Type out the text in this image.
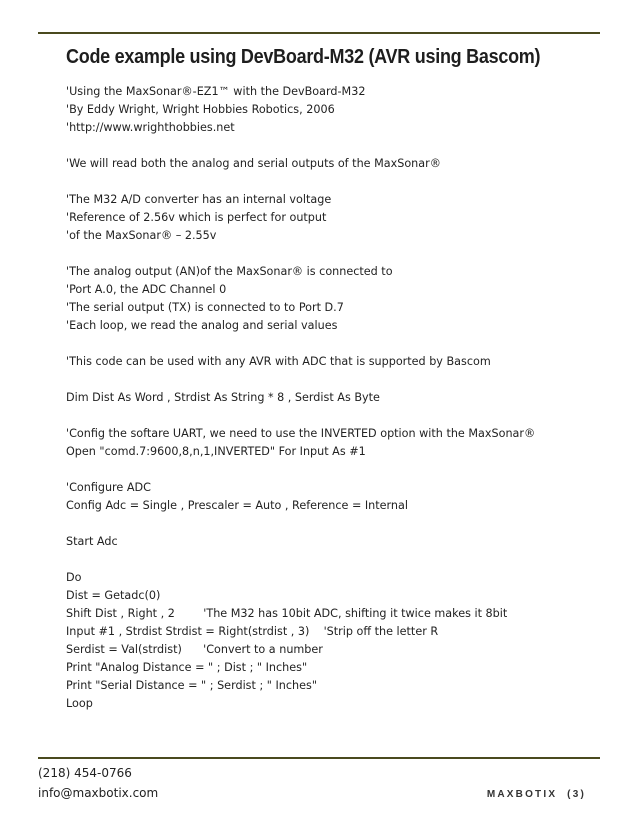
Code example using DevBoard-M32 (AVR using Bascom)
'Using the MaxSonar®-EZ1™ with the DevBoard-M32
'By Eddy Wright, Wright Hobbies Robotics, 2006
'http://www.wrighthobbies.net
'We will read both the analog and serial outputs of the MaxSonar®
'The M32 A/D converter has an internal voltage
'Reference of 2.56v which is perfect for output
'of the MaxSonar® – 2.55v
'The analog output (AN)of the MaxSonar® is connected to
'Port A.0, the ADC Channel 0
'The serial output (TX) is connected to to Port D.7
'Each loop, we read the analog and serial values
'This code can be used with any AVR with ADC that is supported by Bascom
Dim Dist As Word , Strdist As String * 8 , Serdist As Byte
'Config the softare UART, we need to use the INVERTED option with the MaxSonar®
Open "comd.7:9600,8,n,1,INVERTED" For Input As #1
'Configure ADC
Config Adc = Single , Prescaler = Auto , Reference = Internal
Start Adc
Do
Dist = Getadc(0)
Shift Dist , Right , 2        'The M32 has 10bit ADC, shifting it twice makes it 8bit
Input #1 , Strdist Strdist = Right(strdist , 3)    'Strip off the letter R
Serdist = Val(strdist)      'Convert to a number
Print "Analog Distance = " ; Dist ; " Inches"
Print "Serial Distance = " ; Serdist ; " Inches"
Loop
(218) 454-0766
info@maxbotix.com	MAXBOTIX  (3)
